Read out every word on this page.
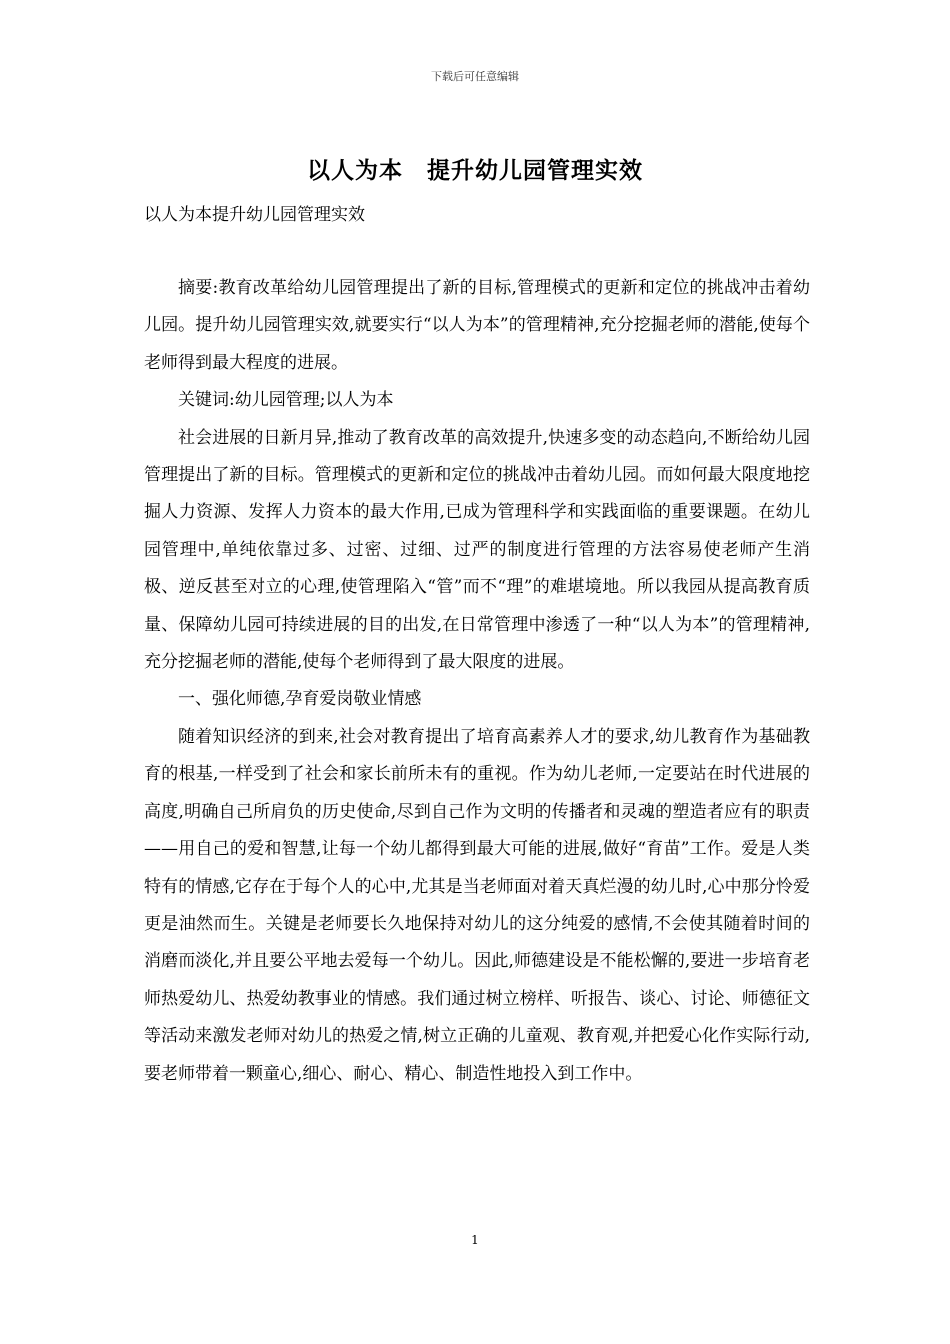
下载后可任意编辑
以人为本　提升幼儿园管理实效
以人为本提升幼儿园管理实效

摘要:教育改革给幼儿园管理提出了新的目标,管理模式的更新和定位的挑战冲击着幼儿园。提升幼儿园管理实效,就要实行“以人为本”的管理精神,充分挖掘老师的潜能,使每个老师得到最大程度的进展。

关键词:幼儿园管理;以人为本

社会进展的日新月异,推动了教育改革的高效提升,快速多变的动态趋向,不断给幼儿园管理提出了新的目标。管理模式的更新和定位的挑战冲击着幼儿园。而如何最大限度地挖掘人力资源、发挥人力资本的最大作用,已成为管理科学和实践面临的重要课题。在幼儿园管理中,单纯依靠过多、过密、过细、过严的制度进行管理的方法容易使老师产生消极、逆反甚至对立的心理,使管理陷入“管”而不“理”的难堪境地。所以我园从提高教育质量、保障幼儿园可持续进展的目的出发,在日常管理中渗透了一种“以人为本”的管理精神,充分挖掘老师的潜能,使每个老师得到了最大限度的进展。

一、强化师德,孕育爱岗敬业情感

随着知识经济的到来,社会对教育提出了培育高素养人才的要求,幼儿教育作为基础教育的根基,一样受到了社会和家长前所未有的重视。作为幼儿老师,一定要站在时代进展的高度,明确自己所肩负的历史使命,尽到自己作为文明的传播者和灵魂的塑造者应有的职责——用自己的爱和智慧,让每一个幼儿都得到最大可能的进展,做好“育苗”工作。爱是人类特有的情感,它存在于每个人的心中,尤其是当老师面对着天真烂漫的幼儿时,心中那分怜爱更是油然而生。关键是老师要长久地保持对幼儿的这分纯爱的感情,不会使其随着时间的消磨而淡化,并且要公平地去爱每一个幼儿。因此,师德建设是不能松懈的,要进一步培育老师热爱幼儿、热爱幼教事业的情感。我们通过树立榜样、听报告、谈心、讨论、师德征文等活动来激发老师对幼儿的热爱之情,树立正确的儿童观、教育观,并把爱心化作实际行动,要老师带着一颗童心,细心、耐心、精心、制造性地投入到工作中。

1
